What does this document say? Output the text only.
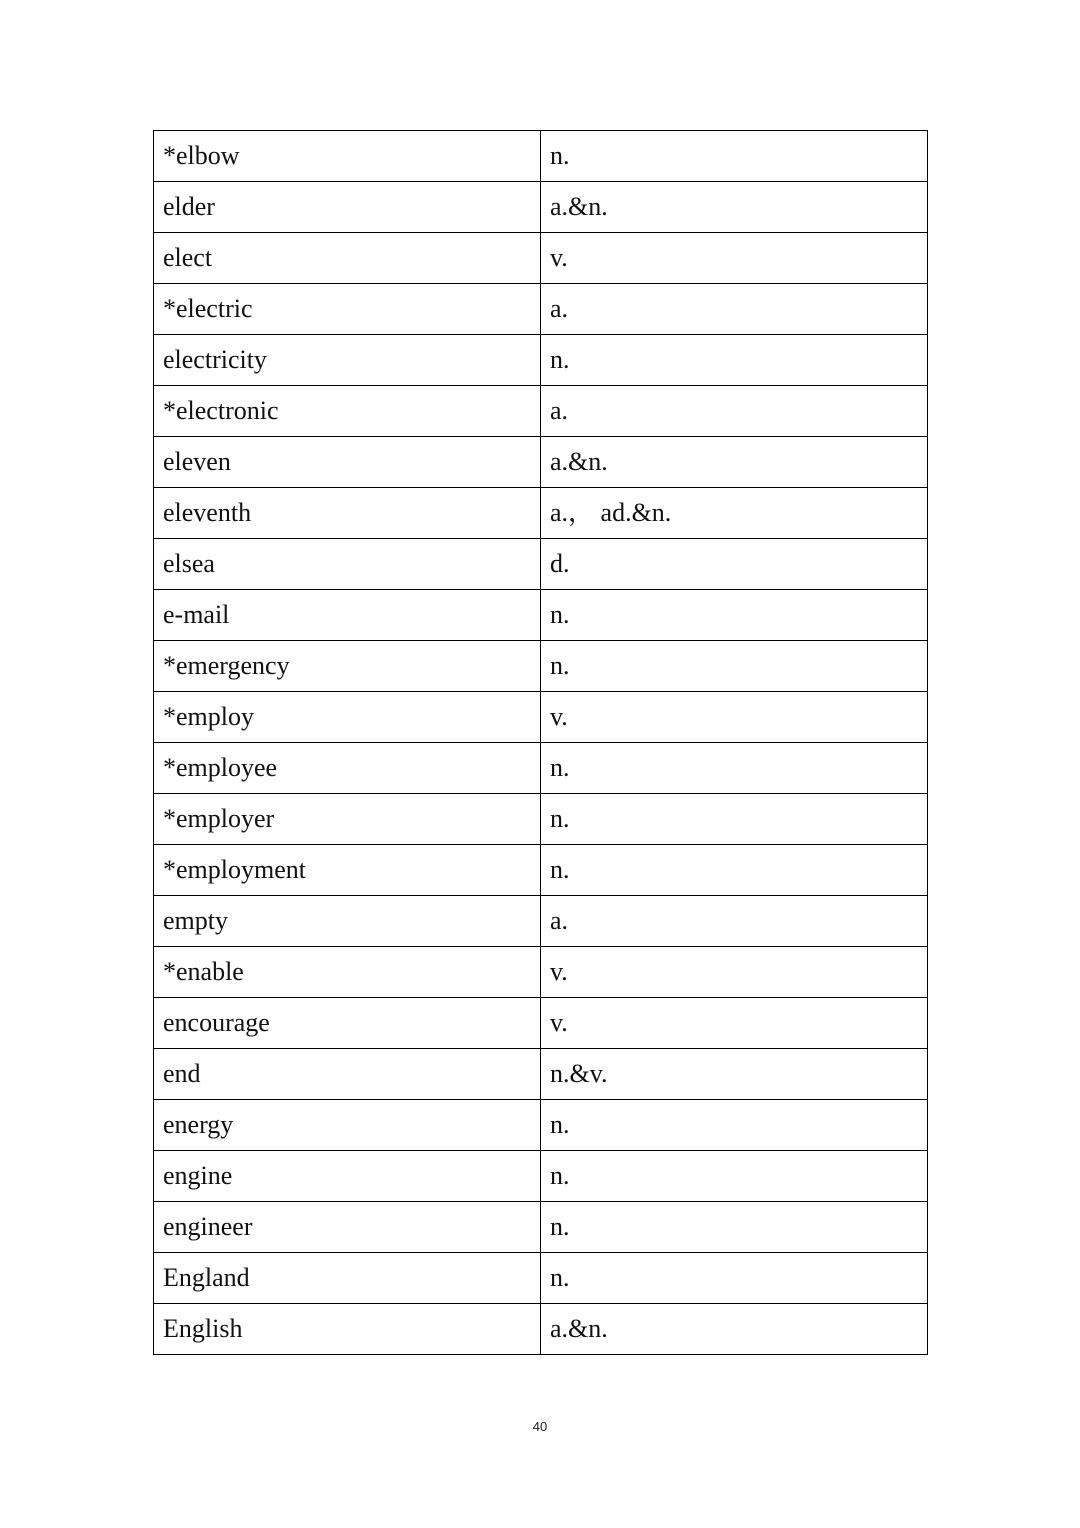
*elbow	n.
elder	a.&n.
elect	v.
*electric	a.
electricity	n.
*electronic	a.
eleven	a.&n.
eleventh	a.， ad.&n.
elsea	d.
e-mail	n.
*emergency	n.
*employ	v.
*employee	n.
*employer	n.
*employment	n.
empty	a.
*enable	v.
encourage	v.
end	n.&v.
energy	n.
engine	n.
engineer	n.
England	n.
English	a.&n.
40
